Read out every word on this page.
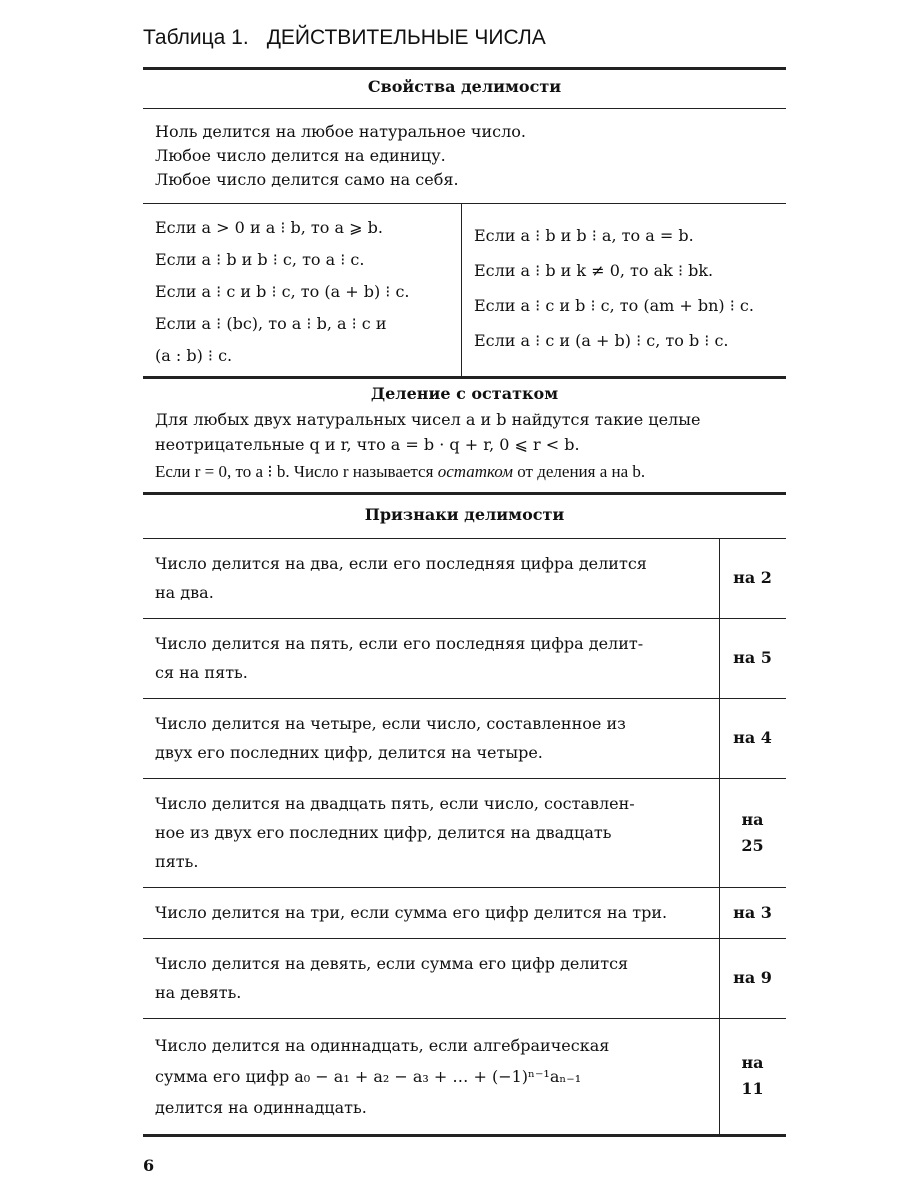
Таблица 1. ДЕЙСТВИТЕЛЬНЫЕ ЧИСЛА
Свойства делимости

Ноль делится на любое натуральное число.

Любое число делится на единицу.

Любое число делится само на себя.

Если a > 0 и a ⁝ b, то a ⩾ b.

Если a ⁝ b и b ⁝ c, то a ⁝ c.

Если a ⁝ c и b ⁝ c, то (a + b) ⁝ c.

Если a ⁝ (bc), то a ⁝ b, a ⁝ c и

(a : b) ⁝ c.

Если a ⁝ b и b ⁝ a, то a = b.

Если a ⁝ b и k ≠ 0, то ak ⁝ bk.

Если a ⁝ c и b ⁝ c, то (am + bn) ⁝ c.

Если a ⁝ c и (a + b) ⁝ c, то b ⁝ c.

Деление с остатком

Для любых двух натуральных чисел a и b найдутся такие целые

неотрицательные q и r, что a = b · q + r, 0 ⩽ r < b.

Если r = 0, то a ⁝ b. Число r называется остатком от деления a на b.

Признаки делимости

Число делится на два, если его последняя цифра делится

на два.

на 2

Число делится на пять, если его последняя цифра делит-

ся на пять.

на 5

Число делится на четыре, если число, составленное из

двух его последних цифр, делится на четыре.

на 4

Число делится на двадцать пять, если число, составлен-

ное из двух его последних цифр, делится на двадцать

пять.

на
25

Число делится на три, если сумма его цифр делится на три.	на 3

Число делится на девять, если сумма его цифр делится

на девять.

на 9

Число делится на одиннадцать, если алгебраическая

сумма его цифр a₀ − a₁ + a₂ − a₃ + … + (−1)ⁿ⁻¹aₙ₋₁

делится на одиннадцать.

на
11
6
